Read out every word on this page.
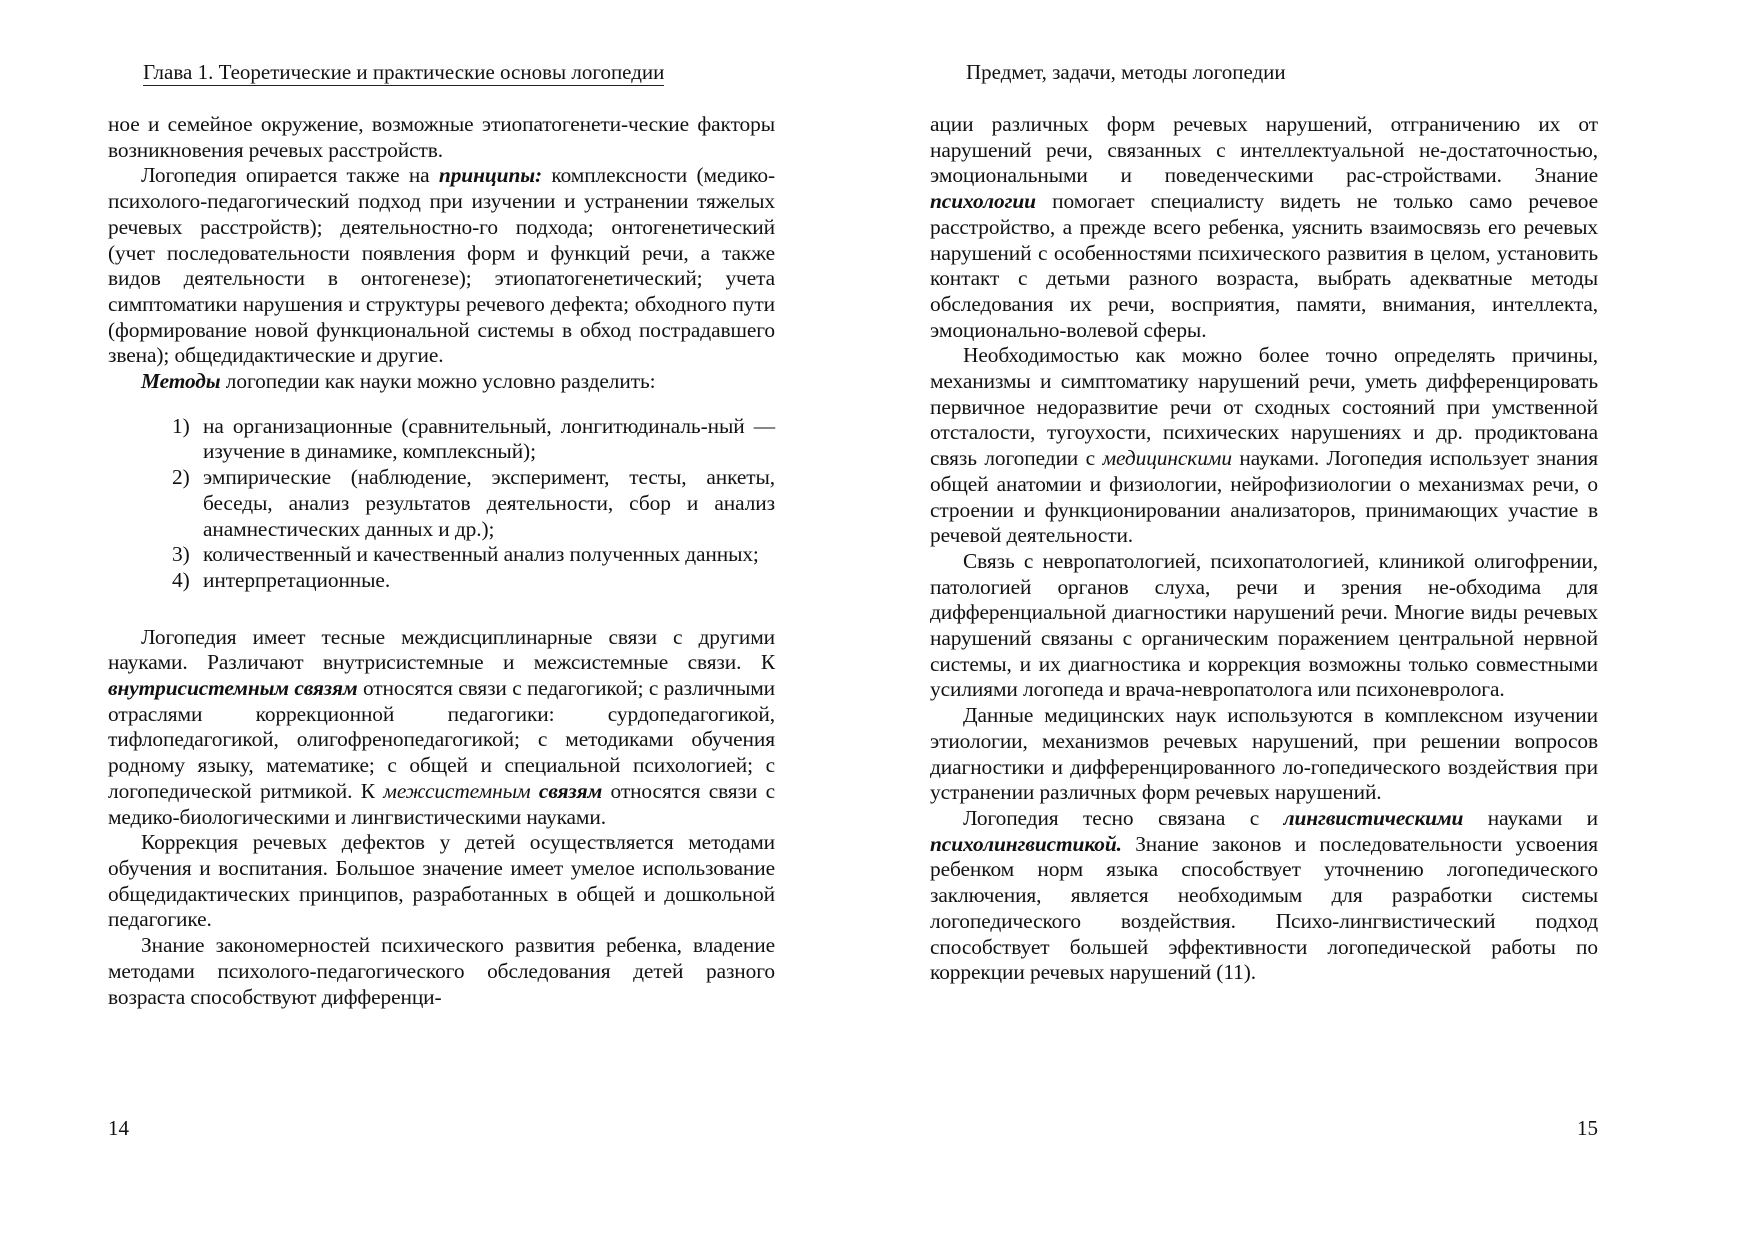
Глава 1. Теоретические и практические основы логопедии

ное и семейное окружение, возможные этиопатогенети-ческие факторы возникновения речевых расстройств.

Логопедия опирается также на принципы: комплексности (медико-психолого-педагогический подход при изучении и устранении тяжелых речевых расстройств); деятельностно-го подхода; онтогенетический (учет последовательности появления форм и функций речи, а также видов деятельности в онтогенезе); этиопатогенетический; учета симптоматики нарушения и структуры речевого дефекта; обходного пути (формирование новой функциональной системы в обход пострадавшего звена); общедидактические и другие.

Методы логопедии как науки можно условно разделить:

1) на организационные (сравнительный, лонгитюдиналь-ный — изучение в динамике, комплексный);
2) эмпирические (наблюдение, эксперимент, тесты, анкеты, беседы, анализ результатов деятельности, сбор и анализ анамнестических данных и др.);
3) количественный и качественный анализ полученных данных;
4) интерпретационные.

Логопедия имеет тесные междисциплинарные связи с другими науками. Различают внутрисистемные и межсистемные связи. К внутрисистемным связям относятся связи с педагогикой; с различными отраслями коррекционной педагогики: сурдопедагогикой, тифлопедагогикой, олигофренопедагогикой; с методиками обучения родному языку, математике; с общей и специальной психологией; с логопедической ритмикой. К межсистемным связям относятся связи с медико-биологическими и лингвистическими науками.

Коррекция речевых дефектов у детей осуществляется методами обучения и воспитания. Большое значение имеет умелое использование общедидактических принципов, разработанных в общей и дошкольной педагогике.

Знание закономерностей психического развития ребенка, владение методами психолого-педагогического обследования детей разного возраста способствуют дифференци-

14
Предмет, задачи, методы логопедии

ации различных форм речевых нарушений, отграничению их от нарушений речи, связанных с интеллектуальной не-достаточностью, эмоциональными и поведенческими рас-стройствами. Знание психологии помогает специалисту видеть не только само речевое расстройство, а прежде всего ребенка, уяснить взаимосвязь его речевых нарушений с особенностями психического развития в целом, установить контакт с детьми разного возраста, выбрать адекватные методы обследования их речи, восприятия, памяти, внимания, интеллекта, эмоционально-волевой сферы.

Необходимостью как можно более точно определять причины, механизмы и симптоматику нарушений речи, уметь дифференцировать первичное недоразвитие речи от сходных состояний при умственной отсталости, тугоухости, психических нарушениях и др. продиктована связь логопедии с медицинскими науками. Логопедия использует знания общей анатомии и физиологии, нейрофизиологии о механизмах речи, о строении и функционировании анализаторов, принимающих участие в речевой деятельности.

Связь с невропатологией, психопатологией, клиникой олигофрении, патологией органов слуха, речи и зрения не-обходима для дифференциальной диагностики нарушений речи. Многие виды речевых нарушений связаны с органическим поражением центральной нервной системы, и их диагностика и коррекция возможны только совместными усилиями логопеда и врача-невропатолога или психоневролога.

Данные медицинских наук используются в комплексном изучении этиологии, механизмов речевых нарушений, при решении вопросов диагностики и дифференцированного ло-гопедического воздействия при устранении различных форм речевых нарушений.

Логопедия тесно связана с лингвистическими науками и психолингвистикой. Знание законов и последовательности усвоения ребенком норм языка способствует уточнению логопедического заключения, является необходимым для разработки системы логопедического воздействия. Психо-лингвистический подход способствует большей эффективности логопедической работы по коррекции речевых нарушений (11).

15
